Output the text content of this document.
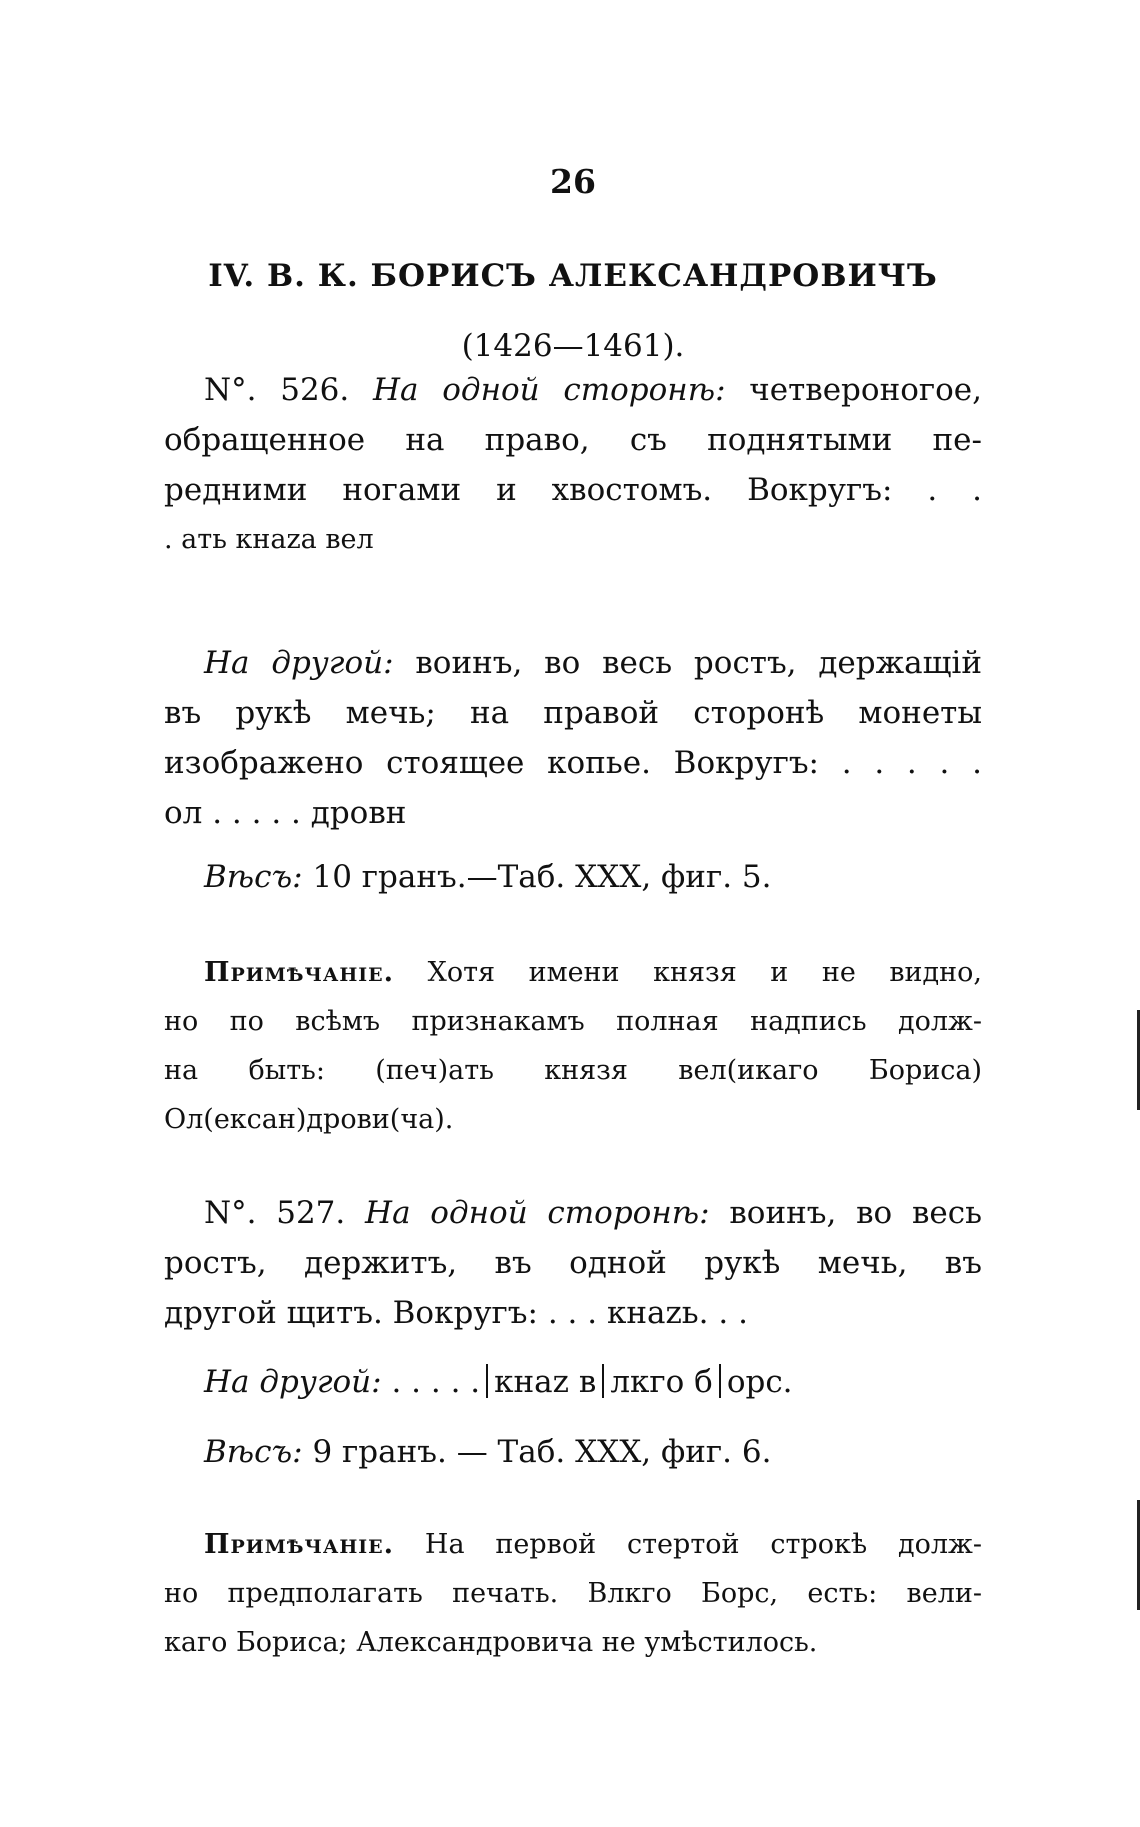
26
IV. В. К. БОРИСЪ АЛЕКСАНДРОВИЧЪ
(1426—1461).
N°. 526. На одной сторонѣ: четвероногое,
обращенное на право, съ поднятыми пе-
редними ногами и хвостомъ. Вокругъ: . .
. ать кнаzа вел
На другой: воинъ, во весь ростъ, держащій
въ рукѣ мечь; на правой сторонѣ монеты
изображено стоящее копье. Вокругъ: . . . . .
ол . . . . . дровн
Вѣсъ: 10 гранъ.—Таб. XXX, фиг. 5.
Примѣчаніе. Хотя имени князя и не видно,
но по всѣмъ признакамъ полная надпись долж-
на быть: (печ)ать князя вел(икаго Бориса)
Ол(ексан)дрови(ча).
N°. 527. На одной сторонѣ: воинъ, во весь
ростъ, держитъ, въ одной рукѣ мечь, въ
другой щитъ. Вокругъ: . . . кнаzь. . .
На другой: . . . . . кнаz в лкго б орс.
Вѣсъ: 9 гранъ. — Таб. XXX, фиг. 6.
Примѣчаніе. На первой стертой строкѣ долж-
но предполагать печать. Влкго Борс, есть: вели-
каго Бориса; Александровича не умѣстилось.
